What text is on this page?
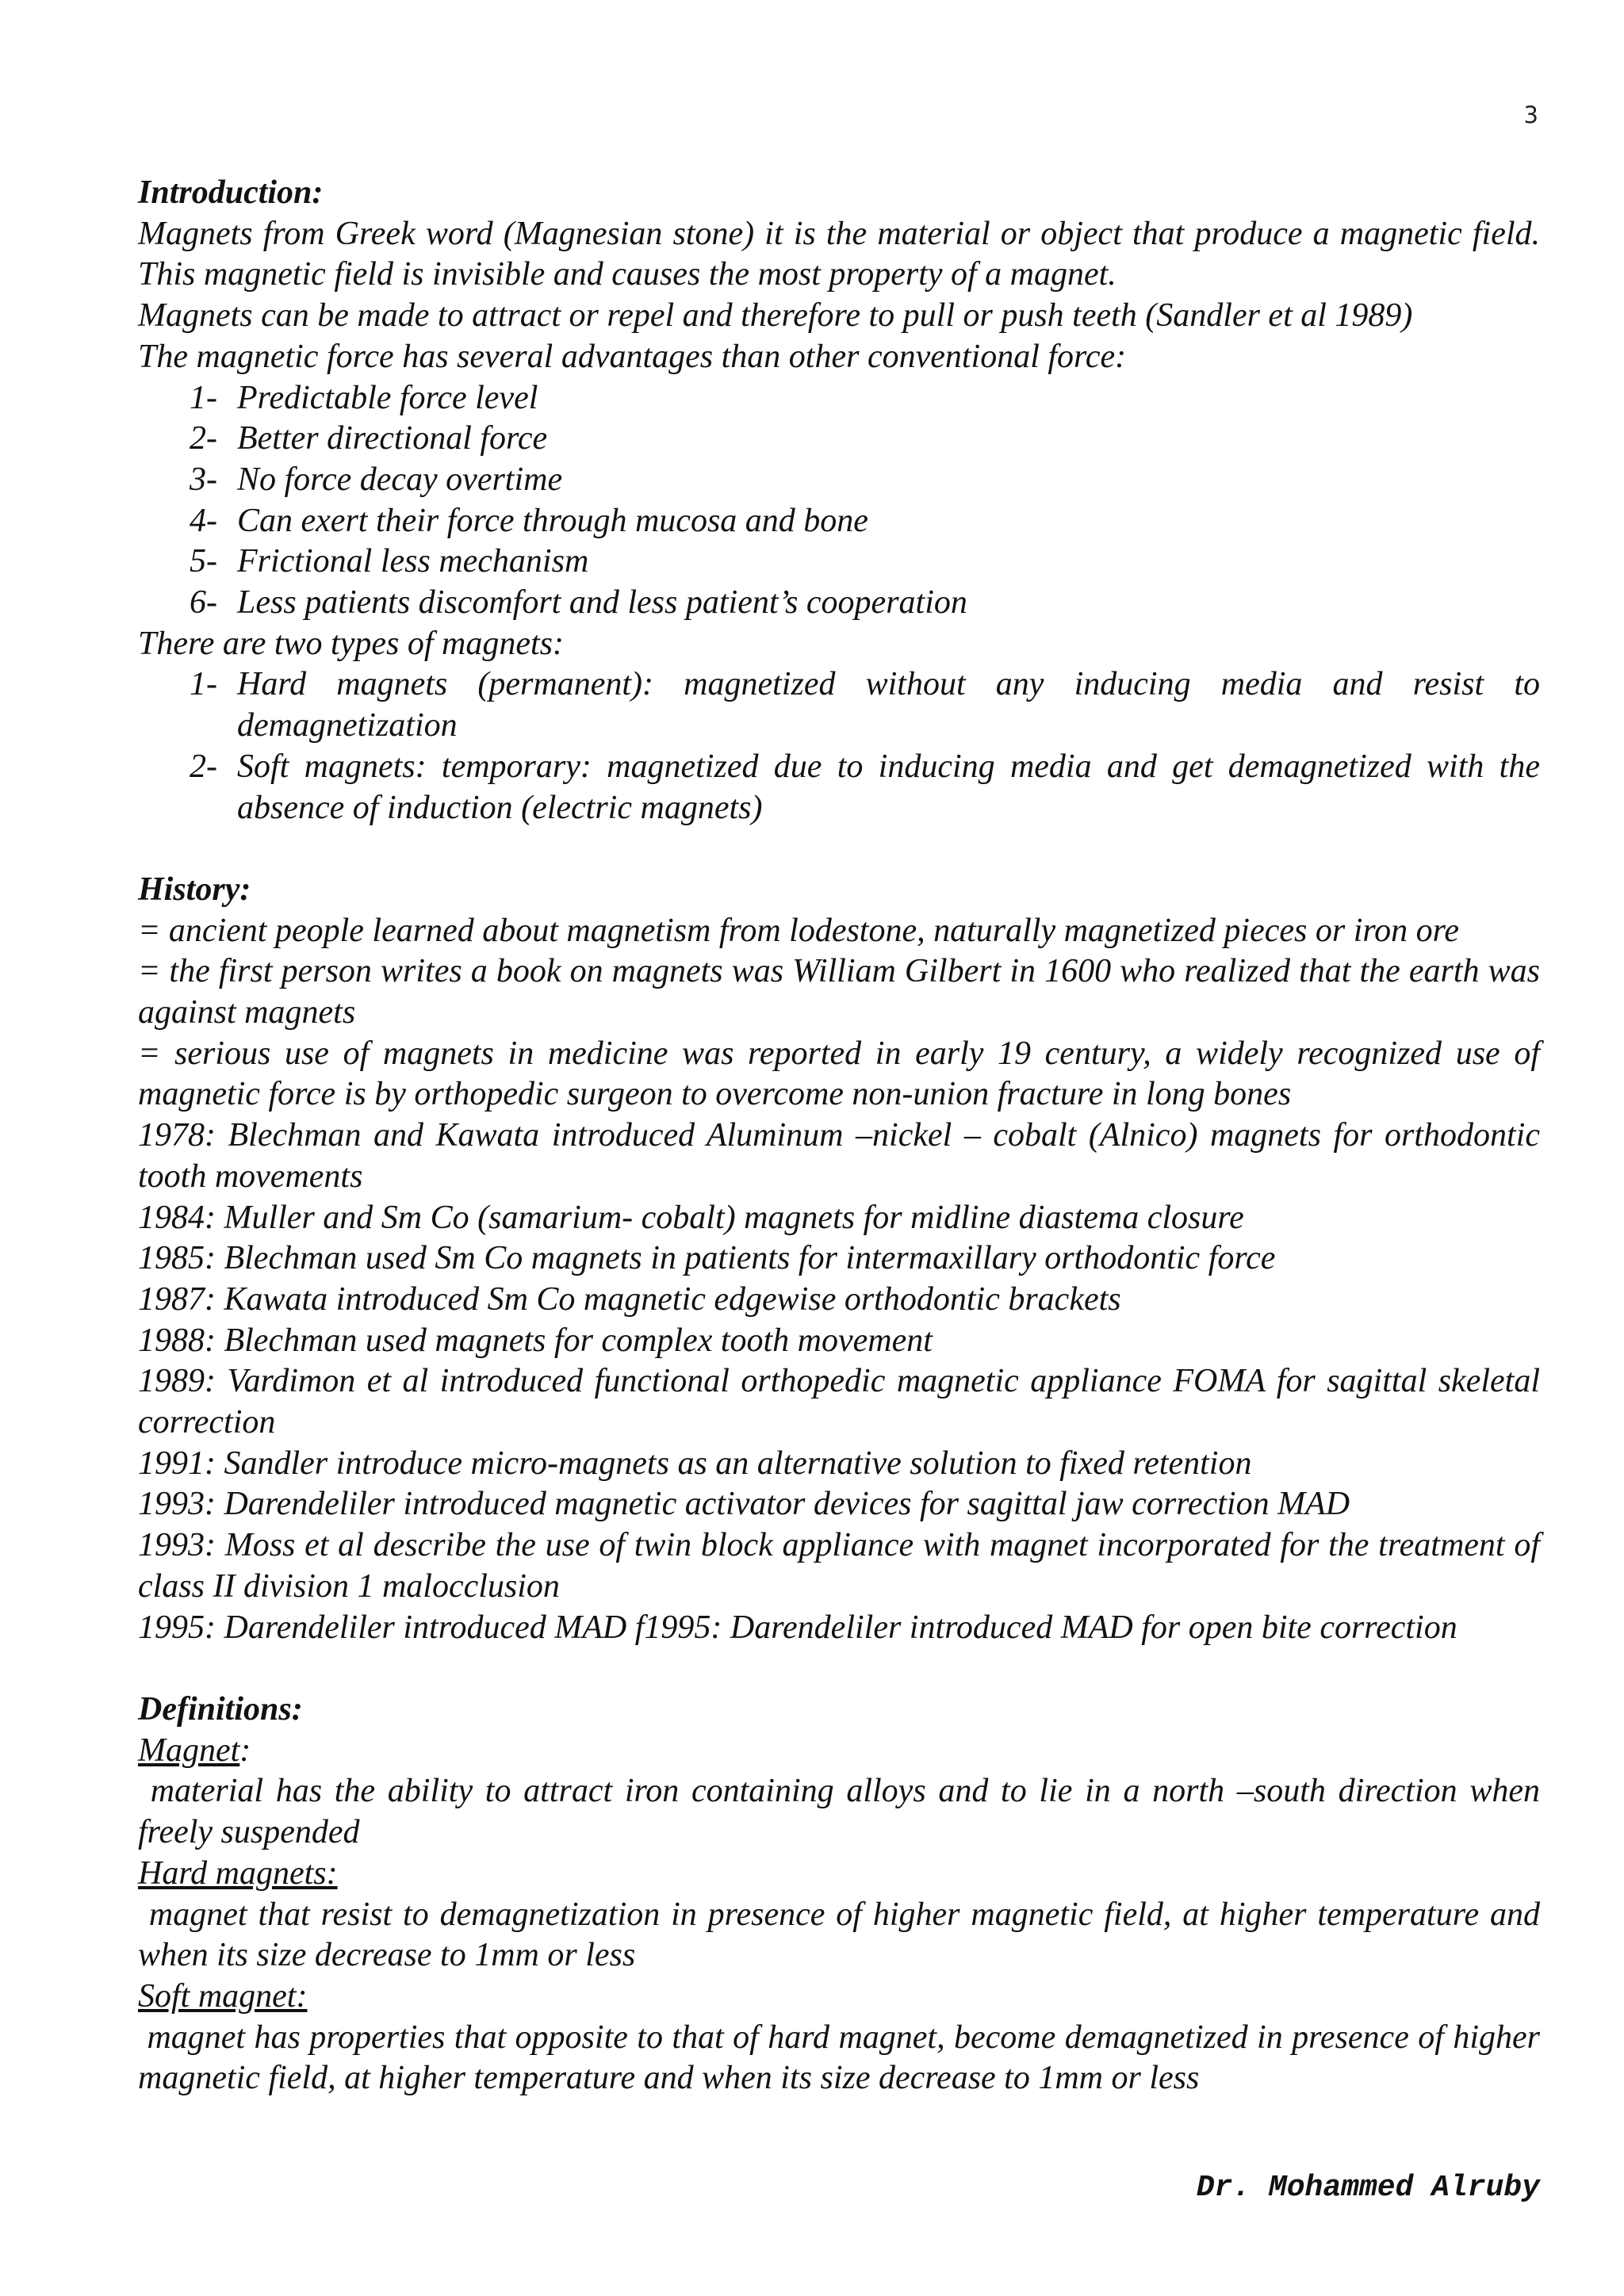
3

Introduction:

Magnets from Greek word (Magnesian stone) it is the material or object that produce a magnetic field. This magnetic field is invisible and causes the most property of a magnet.

Magnets can be made to attract or repel and therefore to pull or push teeth (Sandler et al 1989)

The magnetic force has several advantages than other conventional force:

1- Predictable force level
2- Better directional force
3- No force decay overtime
4- Can exert their force through mucosa and bone
5- Frictional less mechanism
6- Less patients discomfort and less patient’s cooperation

There are two types of magnets:

1- Hard magnets (permanent): magnetized without any inducing media and resist to demagnetization
2- Soft magnets: temporary: magnetized due to inducing media and get demagnetized with the absence of induction (electric magnets)

History:

= ancient people learned about magnetism from lodestone, naturally magnetized pieces or iron ore

= the first person writes a book on magnets was William Gilbert in 1600 who realized that the earth was against magnets

= serious use of magnets in medicine was reported in early 19 century, a widely recognized use of magnetic force is by orthopedic surgeon to overcome non-union fracture in long bones

1978: Blechman and Kawata introduced Aluminum –nickel – cobalt (Alnico) magnets for orthodontic tooth movements

1984: Muller and Sm Co (samarium- cobalt) magnets for midline diastema closure

1985: Blechman used Sm Co magnets in patients for intermaxillary orthodontic force

1987: Kawata introduced Sm Co magnetic edgewise orthodontic brackets

1988: Blechman used magnets for complex tooth movement

1989: Vardimon et al introduced functional orthopedic magnetic appliance FOMA for sagittal skeletal correction

1991: Sandler introduce micro-magnets as an alternative solution to fixed retention

1993: Darendeliler introduced magnetic activator devices for sagittal jaw correction MAD

1993: Moss et al describe the use of twin block appliance with magnet incorporated for the treatment of class II division 1 malocclusion

1995: Darendeliler introduced MAD f1995: Darendeliler introduced MAD for open bite correction

Definitions:

Magnet:

material has the ability to attract iron containing alloys and to lie in a north –south direction when freely suspended

Hard magnets:

magnet that resist to demagnetization in presence of higher magnetic field, at higher temperature and when its size decrease to 1mm or less

Soft magnet:

magnet has properties that opposite to that of hard magnet, become demagnetized in presence of higher magnetic field, at higher temperature and when its size decrease to 1mm or less

Dr. Mohammed Alruby
